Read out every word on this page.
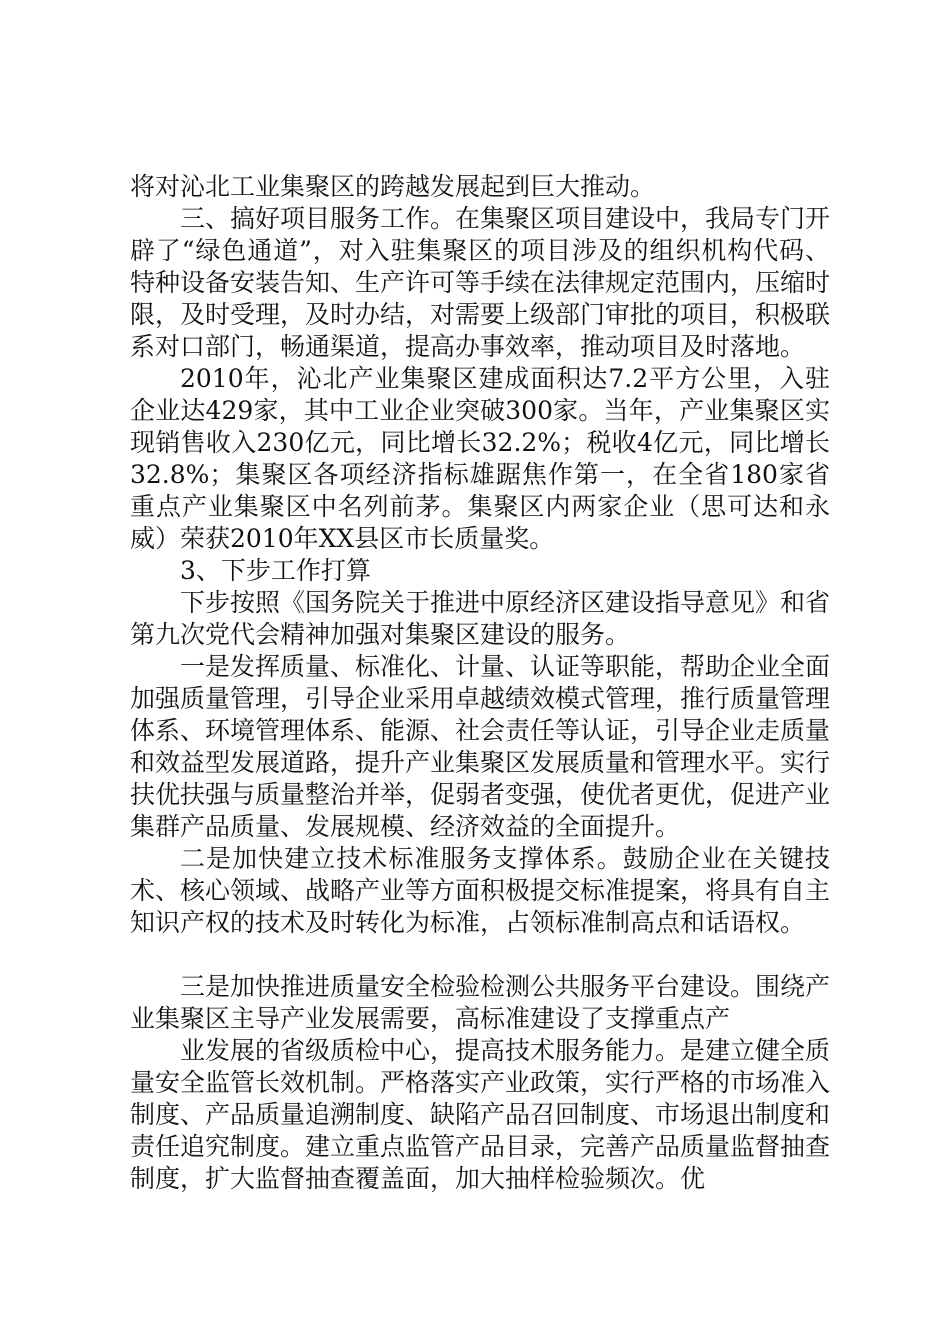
将对沁北工业集聚区的跨越发展起到巨大推动。

三、搞好项目服务工作。在集聚区项目建设中，我局专门开辟了“绿色通道”，对入驻集聚区的项目涉及的组织机构代码、特种设备安装告知、生产许可等手续在法律规定范围内，压缩时限，及时受理，及时办结，对需要上级部门审批的项目，积极联系对口部门，畅通渠道，提高办事效率，推动项目及时落地。

2010年，沁北产业集聚区建成面积达7.2平方公里，入驻企业达429家，其中工业企业突破300家。当年，产业集聚区实现销售收入230亿元，同比增长32.2%；税收4亿元，同比增长32.8%；集聚区各项经济指标雄踞焦作第一，在全省180家省重点产业集聚区中名列前茅。集聚区内两家企业（思可达和永威）荣获2010年XX县区市长质量奖。

3、下步工作打算

下步按照《国务院关于推进中原经济区建设指导意见》和省第九次党代会精神加强对集聚区建设的服务。

一是发挥质量、标准化、计量、认证等职能，帮助企业全面加强质量管理，引导企业采用卓越绩效模式管理，推行质量管理体系、环境管理体系、能源、社会责任等认证，引导企业走质量和效益型发展道路，提升产业集聚区发展质量和管理水平。实行扶优扶强与质量整治并举，促弱者变强，使优者更优，促进产业集群产品质量、发展规模、经济效益的全面提升。

二是加快建立技术标准服务支撑体系。鼓励企业在关键技术、核心领域、战略产业等方面积极提交标准提案，将具有自主知识产权的技术及时转化为标准，占领标准制高点和话语权。

三是加快推进质量安全检验检测公共服务平台建设。围绕产业集聚区主导产业发展需要，高标准建设了支撑重点产

业发展的省级质检中心，提高技术服务能力。是建立健全质量安全监管长效机制。严格落实产业政策，实行严格的市场准入制度、产品质量追溯制度、缺陷产品召回制度、市场退出制度和责任追究制度。建立重点监管产品目录，完善产品质量监督抽查制度，扩大监督抽查覆盖面，加大抽样检验频次。优
